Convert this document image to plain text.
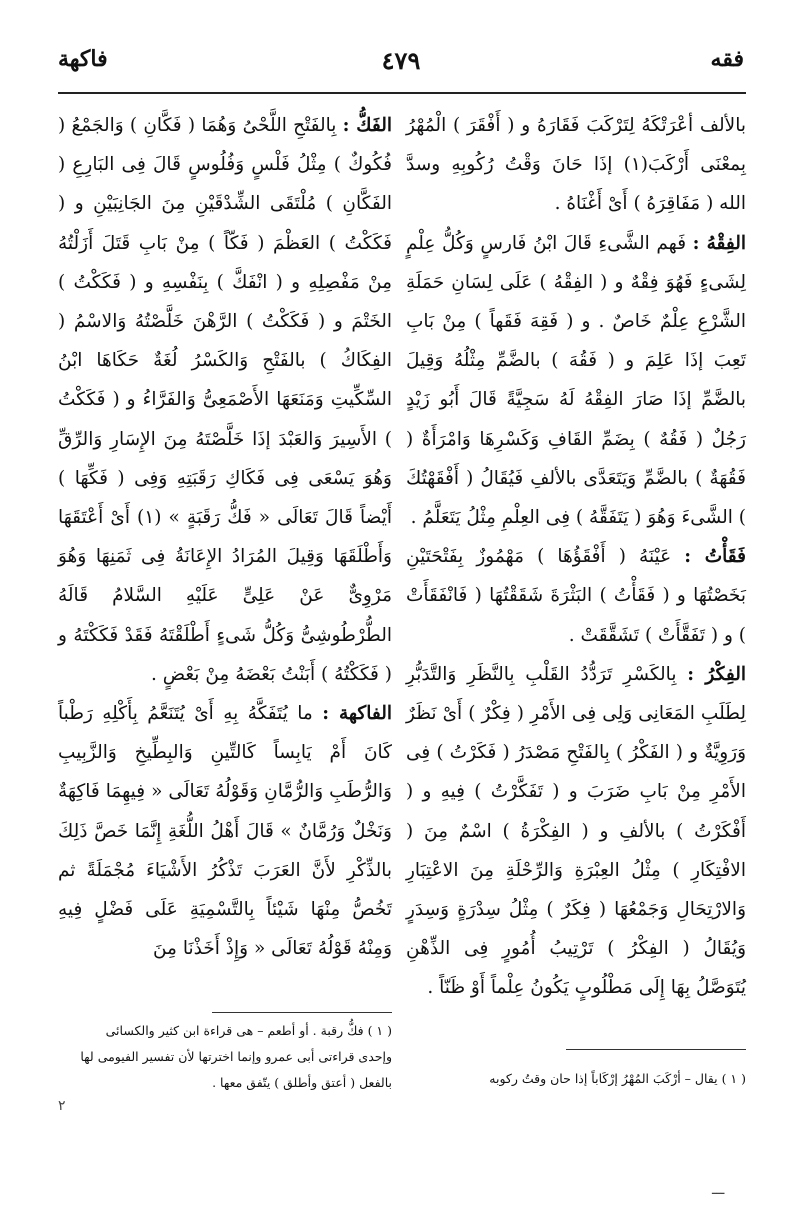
فقه
٤٧٩
فاكهة

بالألف أعْرَتْكَهُ لِتَرْكَبَ فَقَارَهُ و ( أَفْقَرَ ) الْمُهْرُ بِمعْنَى أَرْكَبَ(١) إذَا حَانَ وَقْتُ رُكُوبِهِ وسدَّ الله ( مَفَاقِرَهُ ) أَىْ أَغْنَاهُ .

الفِقْهُ : فَهم الشَّىءِ قَالَ ابْنُ فَارسٍ وَكُلُّ عِلْمٍ لِشَىءٍ فَهُوَ فِقْهٌ و ( الفِقْهُ ) عَلَى لِسَانِ حَمَلَةِ الشَّرْعِ عِلْمٌ خَاصٌ . و ( فَقِهَ فَقَهاً ) مِنْ بَابِ تَعِبَ إذَا عَلِمَ و ( فَقُهَ ) بالضَّمِّ مِثْلُهُ وَقِيلَ بالضَّمِّ إذَا صَارَ الفِقْهُ لَهُ سَجِيَّةً قَالَ أَبُو زَيْدٍ رَجُلٌ ( فَقُهٌ ) بِضَمِّ القَافِ وَكَسْرِهَا وَامْرَأَةٌ ( فَقُهَةٌ ) بالضَّمِّ وَيَتَعَدَّى بالألفِ فَيُقَالُ ( أَفْقَهْتُكَ ) الشَّىءَ وَهُوَ ( يَتَفَقَّهُ ) فِى العِلْمِ مِثْلُ يَتَعَلَّمُ .

فَقَأْتُ : عَيْنَهُ ( أَفْقَؤُهَا ) مَهْمُوزٌ بِفَتْحَتَيْنِ بَخَصْتُهَا و ( فَقَأْتُ ) البَثْرَةَ شَقَقْتُهَا ( فَانْفَقَأَتْ ) و ( تَفَقَّأَتْ ) تَشَقَّقَتْ .

الفِكْرُ : بِالكَسْرِ تَرَدُّدُ القَلْبِ بِالنَّظَرِ وَالتَّدَبُّرِ لِطَلَبِ المَعَانِى وَلِى فِى الأَمْرِ ( فِكْرٌ ) أَىْ نَظَرٌ وَرَوِيَّةٌ و ( الفَكْرُ ) بِالفَتْحِ مَصْدَرُ ( فَكَرْتُ ) فِى الأَمْرِ مِنْ بَابِ ضَرَبَ و ( تَفَكَّرْتُ ) فِيهِ و ( أَفْكَرْتُ ) بالألفِ و ( الفِكْرَةُ ) اسْمٌ مِنَ ( الافْتِكَارِ ) مِثْلُ العِبْرَةِ وَالرِّحْلَةِ مِنَ الاعْتِبَارِ وَالارْتِحَالِ وَجَمْعُهَا ( فِكَرٌ ) مِثْلُ سِدْرَةٍ وَسِدَرٍ وَيُقَالُ ( الفِكْرُ ) تَرْتِيبُ أُمُورٍ فِى الذِّهْنِ يُتَوَصَّلُ بِهَا إِلَى مَطْلُوبٍ يَكُونُ عِلْماً أَوْ ظَنّاً .

الفَكُّ : بِالفَتْحِ اللَّحْىُ وَهُمَا ( فَكَّانِ ) وَالجَمْعُ ( فُكُوكٌ ) مِثْلُ فَلْسٍ وَفُلُوسٍ قَالَ فِى البَارِعِ ( الفَكَّانِ ) مُلْتَقَى الشِّدْقَيْنِ مِنَ الجَانِبَيْنِ و ( فَكَكْتُ ) العَظْمَ ( فَكّاً ) مِنْ بَابِ قَتَلَ أَزَلْتُهُ مِنْ مَفْصِلِهِ و ( انْفَكَّ ) بِنَفْسِهِ و ( فَكَكْتُ ) الخَتْمَ و ( فَكَكْتُ ) الرَّهْنَ خَلَّصْتُهُ وَالاسْمُ ( الفِكَاكُ ) بالفَتْحِ وَالكَسْرُ لُغَةٌ حَكَاهَا ابْنُ السِّكِّيتِ وَمَنَعَهَا الأَصْمَعِىُّ وَالفَرَّاءُ و ( فَكَكْتُ ) الأَسِيرَ وَالعَبْدَ إذَا خَلَّصْتَهُ مِنَ الإِسَارِ وَالرِّقِّ وَهُوَ يَسْعَى فِى فَكَاكِ رَقَبَتِهِ وَفِى ( فَكِّهَا ) أَيْضاً قَالَ تَعَالَى « فَكُّ رَقَبَةٍ » (١) أَىْ أَعْتَقَهَا وَأَطْلَقَهَا وَقِيلَ المُرَادُ الإِعَانَةُ فِى ثَمَنِهَا وَهُوَ مَرْوِىٌّ عَنْ عَلِىٍّ عَلَيْهِ السَّلامُ قَالَهُ الطُّرْطُوشِىُّ وَكُلُّ شَىءٍ أَطْلَقْتَهُ فَقَدْ فَكَكْتَهُ و ( فَكَكْتُهُ ) أَبَنْتُ بَعْضَهُ مِنْ بَعْضٍ .

الفاكهة : ما يُتَفَكَّهُ بِهِ أَىْ يُتَنَعَّمُ بِأَكْلِهِ رَطْباً كَانَ أَمْ يَابِساً كَالتِّينِ وَالبِطِّيخِ وَالزَّبِيبِ وَالرُّطَبِ وَالرُّمَّانِ وَقَوْلُهُ تَعَالَى « فِيهِمَا فَاكِهَةٌ وَنَخْلٌ وَرُمَّانٌ » قَالَ أَهْلُ اللُّغَةِ إِنَّمَا خَصَّ ذَلِكَ بالذِّكْرِ لأَنَّ العَرَبَ تَذْكُرُ الأَشْيَاءَ مُجْمَلَةً ثم تَخُصُّ مِنْهَا شَيْئاً بِالتَّسْمِيَةِ عَلَى فَضْلٍ فِيهِ وَمِنْهُ قَوْلُهُ تَعَالَى « وَإِذْ أَخَذْنَا مِنَ

( ١ ) فكُّ رقبة . أو أطعم – هى قراءة ابن كثير والكسائى

وإحدى قراءتى أبى عمرو وإنما اخترتها لأن تفسير الفيومى لها

بالفعل ( أعتق وأطلق ) يتّفق معها .	( ١ ) يقال – أرْكَبَ المُهْرُ إرْكَاباً إذا حان وقتُ ركوبه

٢
ـــ
